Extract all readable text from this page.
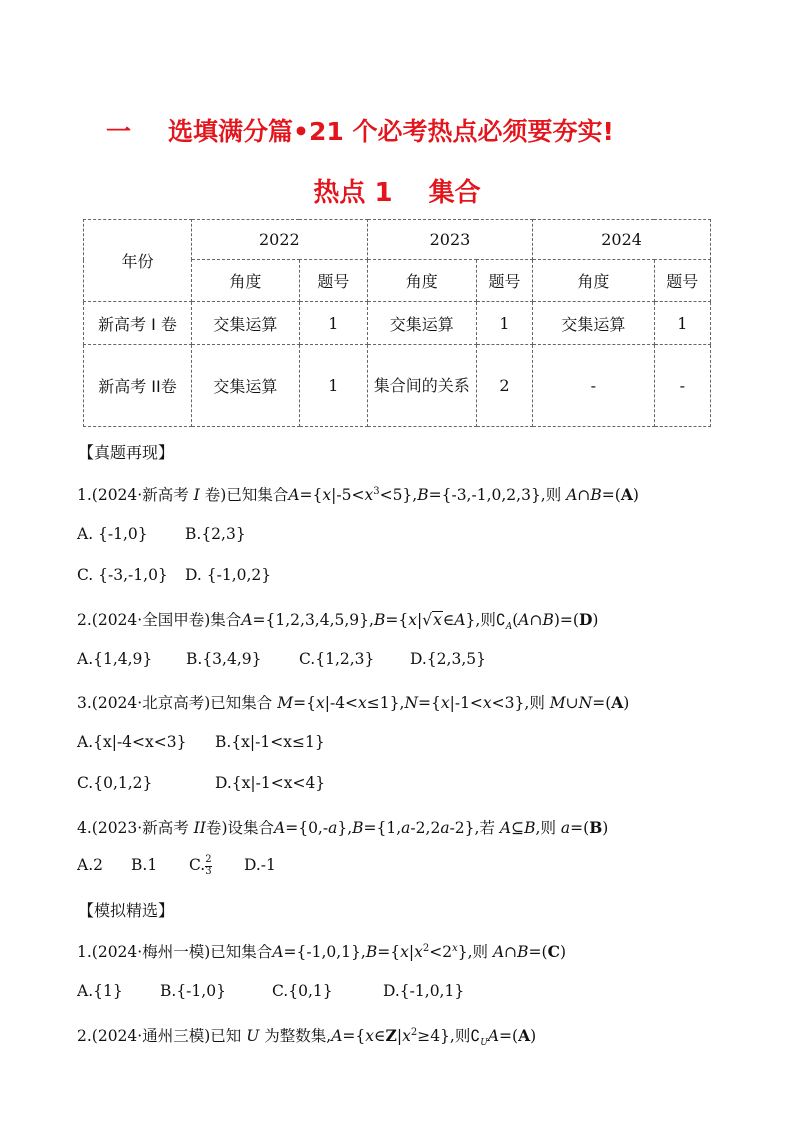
一 选填满分篇•21 个必考热点必须要夯实!
热点 1 集合
年份	2022		2023		2024	
	角度	题号	角度	题号	角度	题号
新高考 I 卷	交集运算	1	交集运算	1	交集运算	1
新高考 II卷	交集运算	1	集合间的关系	2	-	-
【真题再现】
1.(2024·新高考 I 卷)已知集合$A=\{x|-5<x^3<5\},B=\{-3,-1,0,2,3\}$,则 A∩B=(A)
A. {-1,0} B.{2,3}
C. {-3,-1,0} D. {-1,0,2}
2.(2024·全国甲卷)集合A={1,2,3,4,5,9},B={x|√x∈A},则$∁_A(A\cap B)=(D)$
A.{1,4,9} B.{3,4,9} C.{1,2,3} D.{2,3,5}
3.(2024·北京高考)已知集合 M={x|-4<x≤1},N={x|-1<x<3},则 M∪N=(A)
A.{x|-4<x<3} B.{x|-1<x≤1}
C.{0,1,2}	D.{x|-1<x<4}
4.(2023·新高考 II卷)设集合A={0,-a},B={1,a-2,2a-2},若 A⊆B,则 a=(B)
A.2 B.1 C. $\frac{2}{3} D.-1$
【模拟精选】
1.(2024·梅州一模)已知集合$A=\{-1,0,1\},B=\{x|x^2<2^x\}$,则 A∩B=(C)
A.{1} B.{-1,0}	C.{0,1}	D.{-1,0,1}
2.(2024·通州三模)已知 U 为整数集$,A=\{x\in Z|x^2\ge 4\}$,则$∁_UA=(A)$
